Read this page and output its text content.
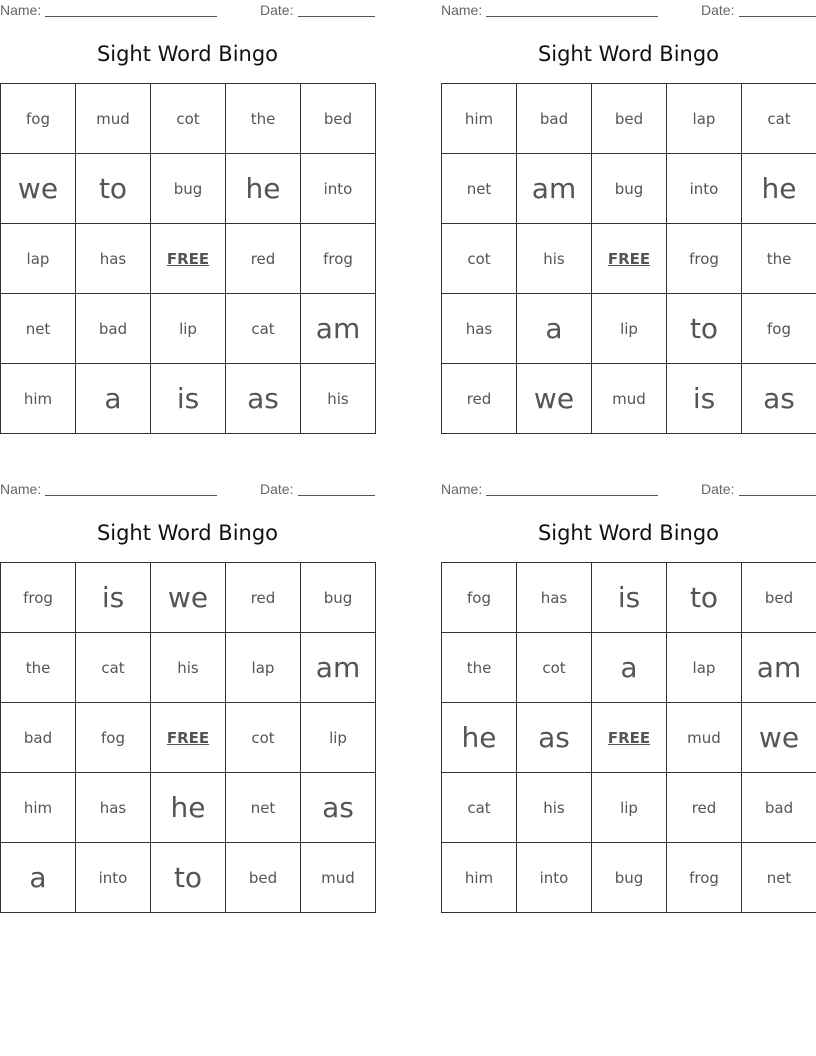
Name:	Date:
Sight Word Bingo
fog	mud	cot	the	bed
we	to	bug	he	into
lap	has	FREE	red	frog
net	bad	lip	cat	am
him	a	is	as	his
Name:	Date:
Sight Word Bingo
him	bad	bed	lap	cat
net	am	bug	into	he
cot	his	FREE	frog	the
has	a	lip	to	fog
red	we	mud	is	as
Name:	Date:
Sight Word Bingo
frog	is	we	red	bug
the	cat	his	lap	am
bad	fog	FREE	cot	lip
him	has	he	net	as
a	into	to	bed	mud
Name:	Date:
Sight Word Bingo
fog	has	is	to	bed
the	cot	a	lap	am
he	as	FREE	mud	we
cat	his	lip	red	bad
him	into	bug	frog	net
